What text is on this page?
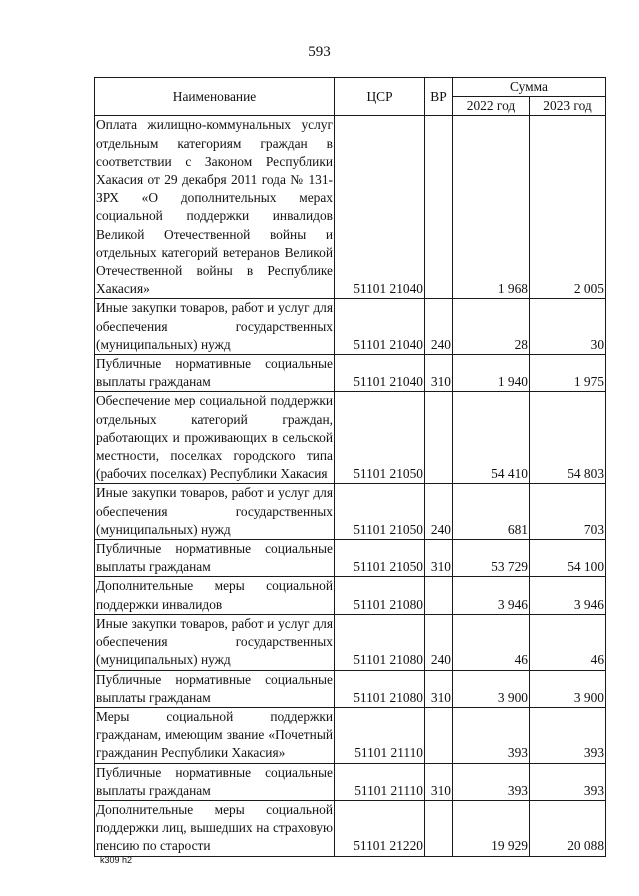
593
Наименование	ЦСР	ВР	Сумма	
			2022 год	2023 год
Оплата жилищно-коммунальных услуг отдельным категориям граждан в соответствии с Законом Республики Хакасия от 29 декабря 2011 года № 131-ЗРХ «О дополнительных мерах социальной поддержки инвалидов Великой Отечественной войны и отдельных категорий ветеранов Великой Отечественной войны в Республике Хакасия»	51101 21040		1 968	2 005
Иные закупки товаров, работ и услуг для обеспечения государственных (муниципальных) нужд	51101 21040	240	28	30
Публичные нормативные социальные выплаты гражданам	51101 21040	310	1 940	1 975
Обеспечение мер социальной поддержки отдельных категорий граждан, работающих и проживающих в сельской местности, поселках городского типа (рабочих поселках) Республики Хакасия	51101 21050		54 410	54 803
Иные закупки товаров, работ и услуг для обеспечения государственных (муниципальных) нужд	51101 21050	240	681	703
Публичные нормативные социальные выплаты гражданам	51101 21050	310	53 729	54 100
Дополнительные меры социальной поддержки инвалидов	51101 21080		3 946	3 946
Иные закупки товаров, работ и услуг для обеспечения государственных (муниципальных) нужд	51101 21080	240	46	46
Публичные нормативные социальные выплаты гражданам	51101 21080	310	3 900	3 900
Меры социальной поддержки гражданам, имеющим звание «Почетный гражданин Республики Хакасия»	51101 21110		393	393
Публичные нормативные социальные выплаты гражданам	51101 21110	310	393	393
Дополнительные меры социальной поддержки лиц, вышедших на страховую пенсию по старости	51101 21220		19 929	20 088
k309 h2
